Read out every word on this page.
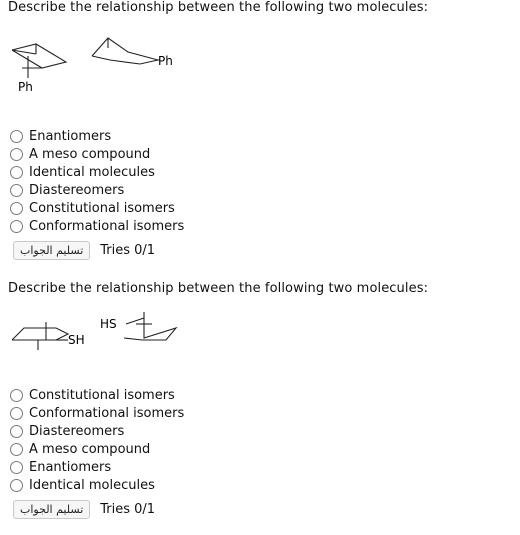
Describe the relationship between the following two molecules:
Ph
Ph
Enantiomers
A meso compound
Identical molecules
Diastereomers
Constitutional isomers
Conformational isomers
تسليم الجواب	Tries 0/1
Describe the relationship between the following two molecules:
SH
HS
Constitutional isomers
Conformational isomers
Diastereomers
A meso compound
Enantiomers
Identical molecules
تسليم الجواب	Tries 0/1
